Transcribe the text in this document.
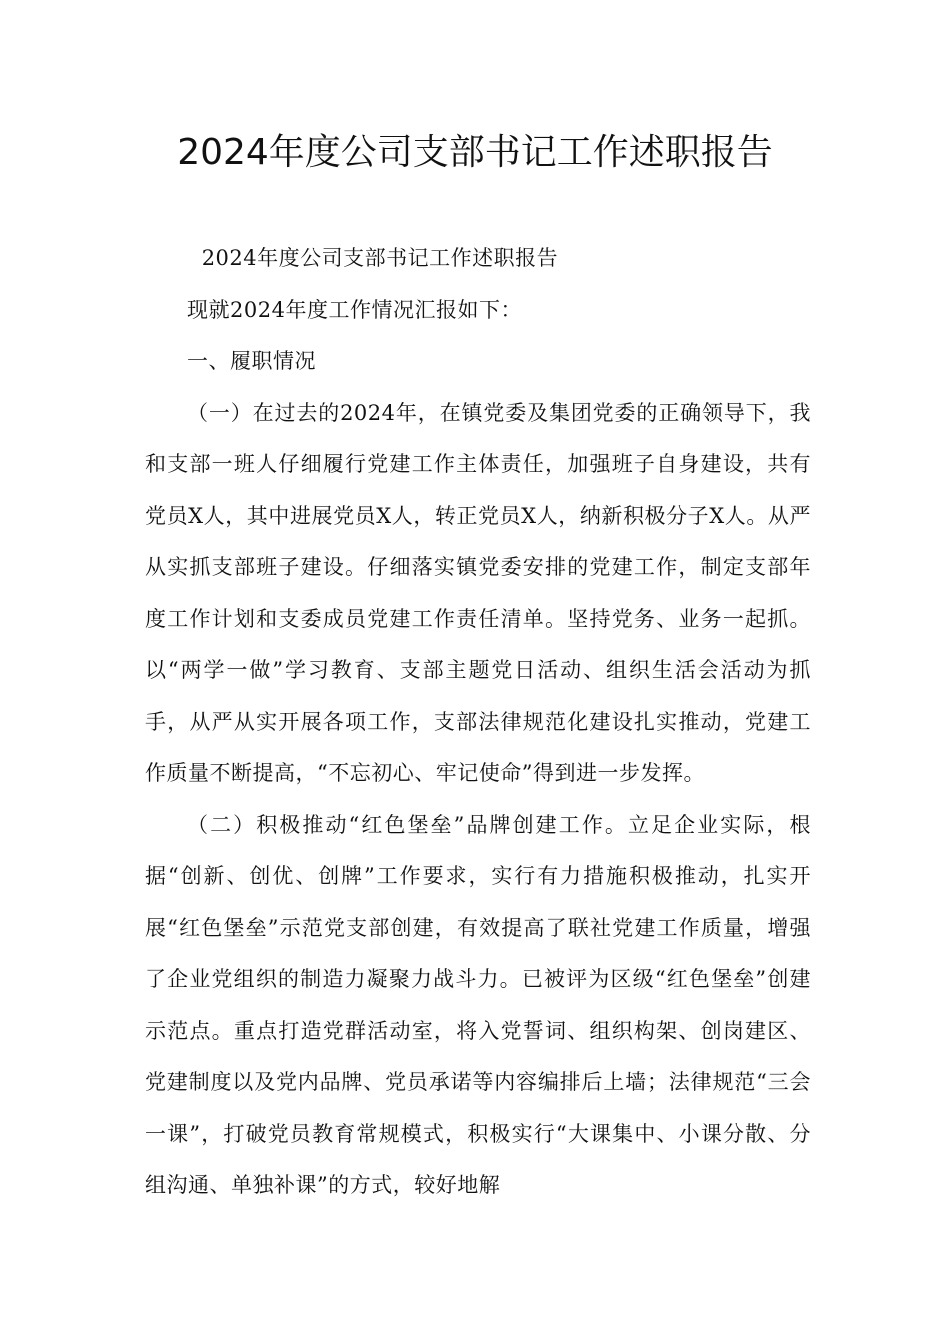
2024年度公司支部书记工作述职报告

2024年度公司支部书记工作述职报告

现就2024年度工作情况汇报如下：

一、履职情况

（一）在过去的2024年，在镇党委及集团党委的正确领导下，我和支部一班人仔细履行党建工作主体责任，加强班子自身建设，共有党员X人，其中进展党员X人，转正党员X人，纳新积极分子X人。从严从实抓支部班子建设。仔细落实镇党委安排的党建工作，制定支部年度工作计划和支委成员党建工作责任清单。坚持党务、业务一起抓。以“两学一做”学习教育、支部主题党日活动、组织生活会活动为抓手，从严从实开展各项工作，支部法律规范化建设扎实推动，党建工作质量不断提高，“不忘初心、牢记使命”得到进一步发挥。

（二）积极推动“红色堡垒”品牌创建工作。立足企业实际，根据“创新、创优、创牌”工作要求，实行有力措施积极推动，扎实开展“红色堡垒”示范党支部创建，有效提高了联社党建工作质量，增强了企业党组织的制造力凝聚力战斗力。已被评为区级“红色堡垒”创建示范点。重点打造党群活动室，将入党誓词、组织构架、创岗建区、党建制度以及党内品牌、党员承诺等内容编排后上墙；法律规范“三会一课”，打破党员教育常规模式，积极实行“大课集中、小课分散、分组沟通、单独补课”的方式，较好地解
